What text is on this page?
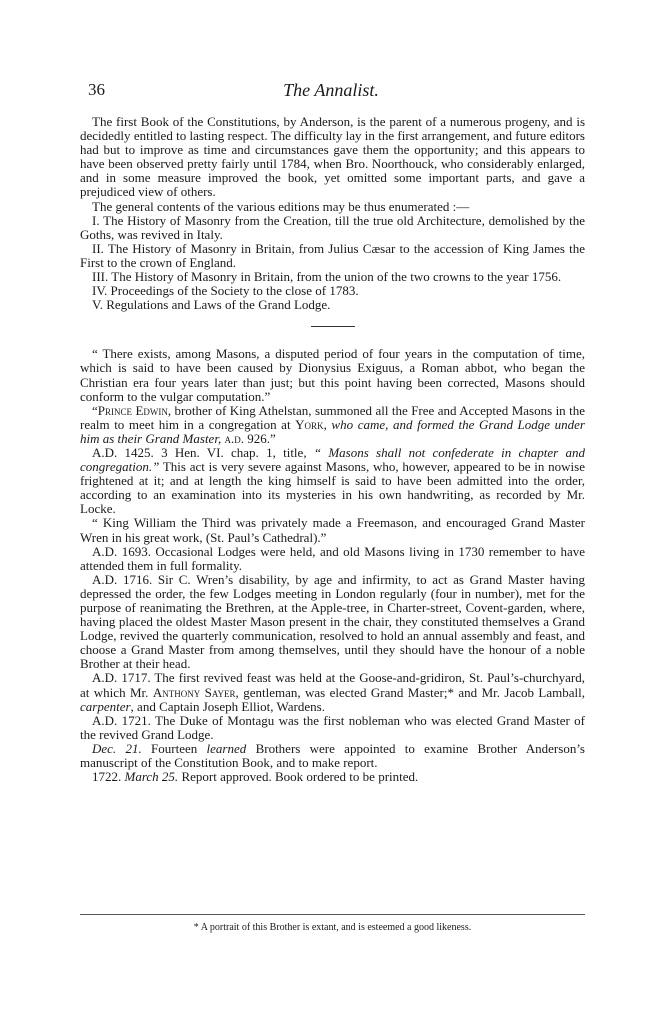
36	The Annalist.

The first Book of the Constitutions, by Anderson, is the parent of a numerous progeny, and is decidedly entitled to lasting respect. The difficulty lay in the first arrangement, and future editors had but to improve as time and circumstances gave them the opportunity; and this appears to have been observed pretty fairly until 1784, when Bro. Noorthouck, who considerably enlarged, and in some measure improved the book, yet omitted some important parts, and gave a prejudiced view of others.

The general contents of the various editions may be thus enumerated :—

I. The History of Masonry from the Creation, till the true old Architecture, demolished by the Goths, was revived in Italy.

II. The History of Masonry in Britain, from Julius Cæsar to the accession of King James the First to the crown of England.

III. The History of Masonry in Britain, from the union of the two crowns to the year 1756.

IV. Proceedings of the Society to the close of 1783.

V. Regulations and Laws of the Grand Lodge.

“ There exists, among Masons, a disputed period of four years in the computation of time, which is said to have been caused by Dionysius Exiguus, a Roman abbot, who began the Christian era four years later than just; but this point having been corrected, Masons should conform to the vulgar computation.”

“Prince Edwin, brother of King Athelstan, summoned all the Free and Accepted Masons in the realm to meet him in a congregation at York, who came, and formed the Grand Lodge under him as their Grand Master, a.d. 926.”

A.D. 1425. 3 Hen. VI. chap. 1, title, “ Masons shall not confederate in chapter and congregation.” This act is very severe against Masons, who, however, appeared to be in nowise frightened at it; and at length the king himself is said to have been admitted into the order, according to an examination into its mysteries in his own handwriting, as recorded by Mr. Locke.

“ King William the Third was privately made a Freemason, and encouraged Grand Master Wren in his great work, (St. Paul’s Cathedral).”

A.D. 1693. Occasional Lodges were held, and old Masons living in 1730 remember to have attended them in full formality.

A.D. 1716. Sir C. Wren’s disability, by age and infirmity, to act as Grand Master having depressed the order, the few Lodges meeting in London regularly (four in number), met for the purpose of reanimating the Brethren, at the Apple-tree, in Charter-street, Covent-garden, where, having placed the oldest Master Mason present in the chair, they constituted themselves a Grand Lodge, revived the quarterly communication, resolved to hold an annual assembly and feast, and choose a Grand Master from among themselves, until they should have the honour of a noble Brother at their head.

A.D. 1717. The first revived feast was held at the Goose-and-gridiron, St. Paul’s-churchyard, at which Mr. Anthony Sayer, gentleman, was elected Grand Master;* and Mr. Jacob Lamball, carpenter, and Captain Joseph Elliot, Wardens.

A.D. 1721. The Duke of Montagu was the first nobleman who was elected Grand Master of the revived Grand Lodge.

Dec. 21. Fourteen learned Brothers were appointed to examine Brother Anderson’s manuscript of the Constitution Book, and to make report.

1722. March 25. Report approved. Book ordered to be printed.

* A portrait of this Brother is extant, and is esteemed a good likeness.
